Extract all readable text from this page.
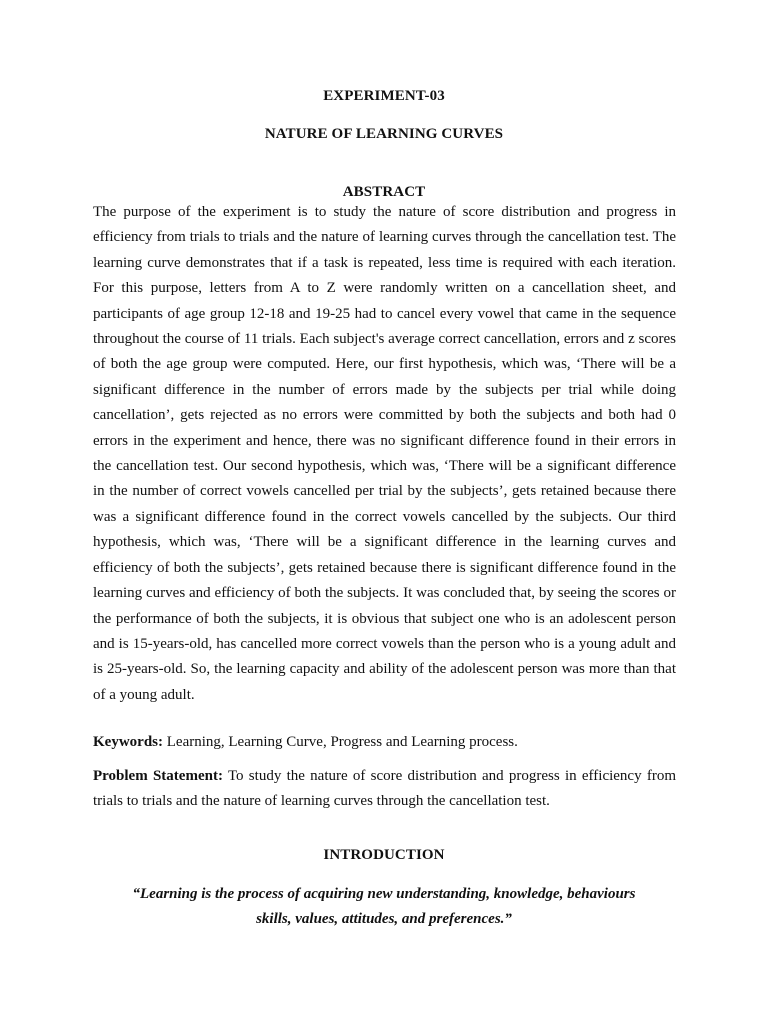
EXPERIMENT-03
NATURE OF LEARNING CURVES
ABSTRACT
The purpose of the experiment is to study the nature of score distribution and progress in efficiency from trials to trials and the nature of learning curves through the cancellation test. The learning curve demonstrates that if a task is repeated, less time is required with each iteration. For this purpose, letters from A to Z were randomly written on a cancellation sheet, and participants of age group 12-18 and 19-25 had to cancel every vowel that came in the sequence throughout the course of 11 trials. Each subject's average correct cancellation, errors and z scores of both the age group were computed. Here, our first hypothesis, which was, ‘There will be a significant difference in the number of errors made by the subjects per trial while doing cancellation’, gets rejected as no errors were committed by both the subjects and both had 0 errors in the experiment and hence, there was no significant difference found in their errors in the cancellation test. Our second hypothesis, which was, ‘There will be a significant difference in the number of correct vowels cancelled per trial by the subjects’, gets retained because there was a significant difference found in the correct vowels cancelled by the subjects. Our third hypothesis, which was, ‘There will be a significant difference in the learning curves and efficiency of both the subjects’, gets retained because there is significant difference found in the learning curves and efficiency of both the subjects. It was concluded that, by seeing the scores or the performance of both the subjects, it is obvious that subject one who is an adolescent person and is 15-years-old, has cancelled more correct vowels than the person who is a young adult and is 25-years-old. So, the learning capacity and ability of the adolescent person was more than that of a young adult.
Keywords: Learning, Learning Curve, Progress and Learning process.
Problem Statement: To study the nature of score distribution and progress in efficiency from trials to trials and the nature of learning curves through the cancellation test.
INTRODUCTION
“Learning is the process of acquiring new understanding, knowledge, behaviours
skills, values, attitudes, and preferences.”
